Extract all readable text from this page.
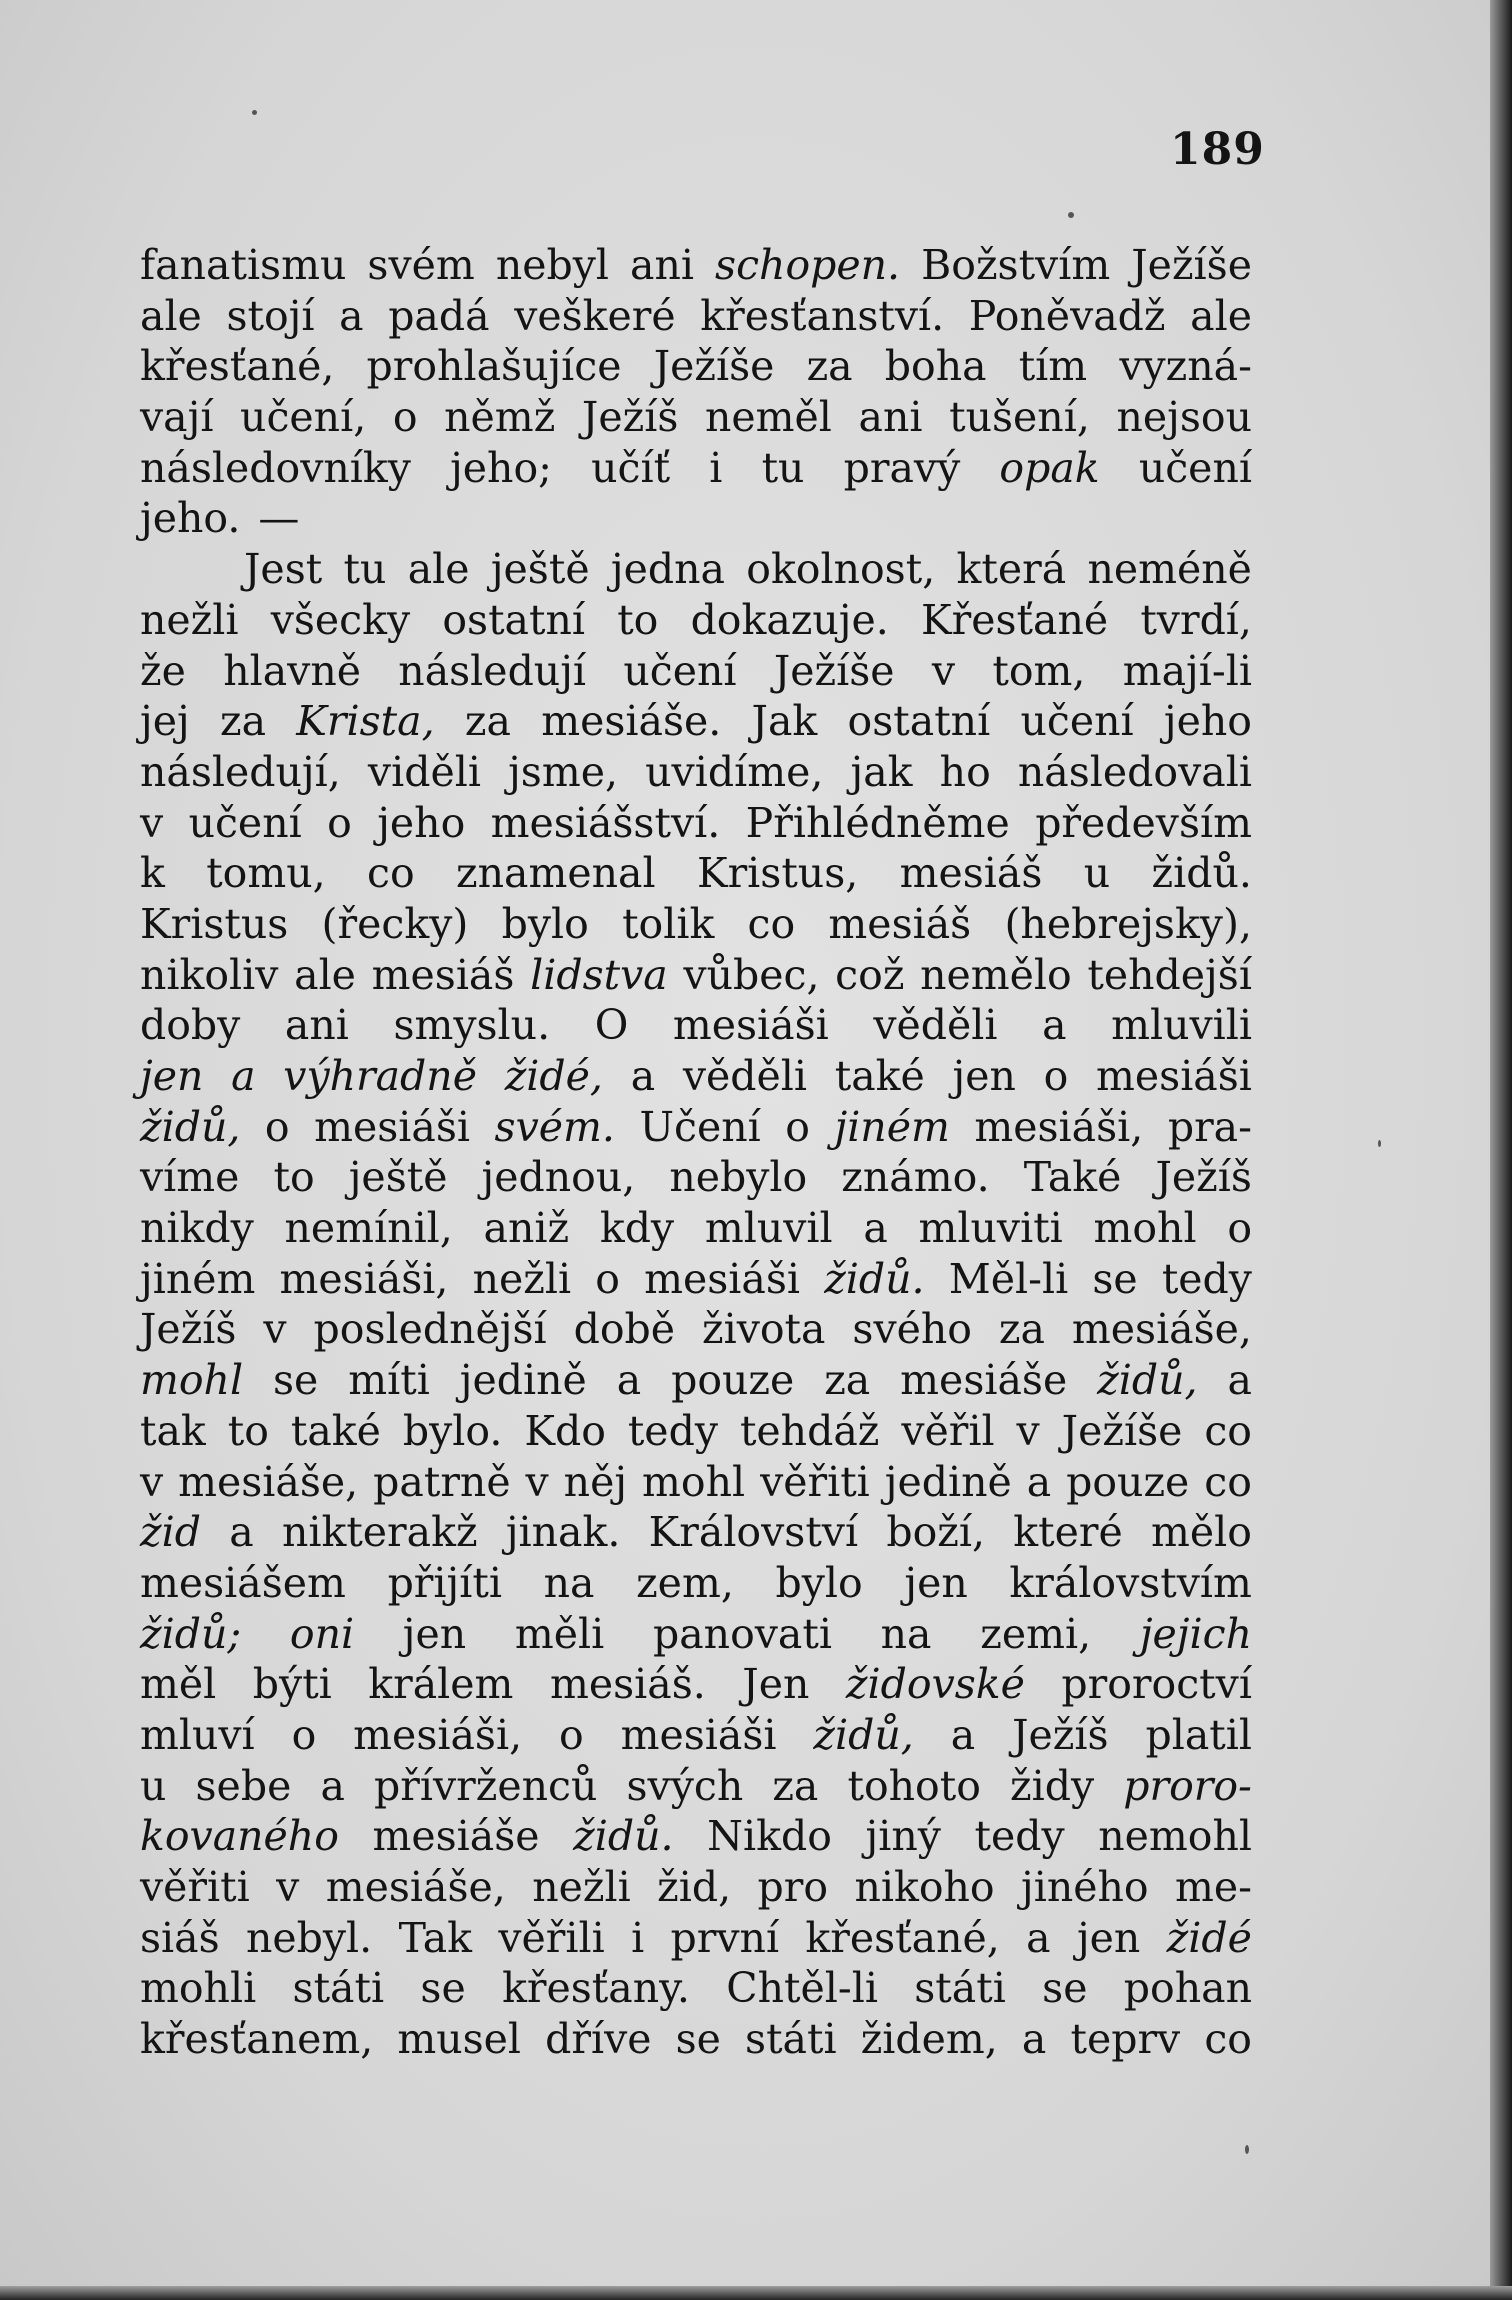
189
fanatismu svém nebyl ani schopen. Božstvím Ježíše
ale stojí a padá veškeré křesťanství. Poněvadž ale
křesťané, prohlašujíce Ježíše za boha tím vyzná-
vají učení, o němž Ježíš neměl ani tušení, nejsou
následovníky jeho; učíť i tu pravý opak učení
jeho. —
Jest tu ale ještě jedna okolnost, která neméně
nežli všecky ostatní to dokazuje. Křesťané tvrdí,
že hlavně následují učení Ježíše v tom, mají-li
jej za Krista, za mesiáše. Jak ostatní učení jeho
následují, viděli jsme, uvidíme, jak ho následovali
v učení o jeho mesiášství. Přihlédněme především
k tomu, co znamenal Kristus, mesiáš u židů.
Kristus (řecky) bylo tolik co mesiáš (hebrejsky),
nikoliv ale mesiáš lidstva vůbec, což nemělo tehdejší
doby ani smyslu. O mesiáši věděli a mluvili
jen a výhradně židé, a věděli také jen o mesiáši
židů, o mesiáši svém. Učení o jiném mesiáši, pra-
víme to ještě jednou, nebylo známo. Také Ježíš
nikdy nemínil, aniž kdy mluvil a mluviti mohl o
jiném mesiáši, nežli o mesiáši židů. Měl-li se tedy
Ježíš v poslednější době života svého za mesiáše,
mohl se míti jedině a pouze za mesiáše židů, a
tak to také bylo. Kdo tedy tehdáž věřil v Ježíše co
v mesiáše, patrně v něj mohl věřiti jedině a pouze co
žid a nikterakž jinak. Království boží, které mělo
mesiášem přijíti na zem, bylo jen královstvím
židů; oni jen měli panovati na zemi, jejich
měl býti králem mesiáš. Jen židovské proroctví
mluví o mesiáši, o mesiáši židů, a Ježíš platil
u sebe a přívrženců svých za tohoto židy proro-
kovaného mesiáše židů. Nikdo jiný tedy nemohl
věřiti v mesiáše, nežli žid, pro nikoho jiného me-
siáš nebyl. Tak věřili i první křesťané, a jen židé
mohli státi se křesťany. Chtěl-li státi se pohan
křesťanem, musel dříve se státi židem, a teprv co
